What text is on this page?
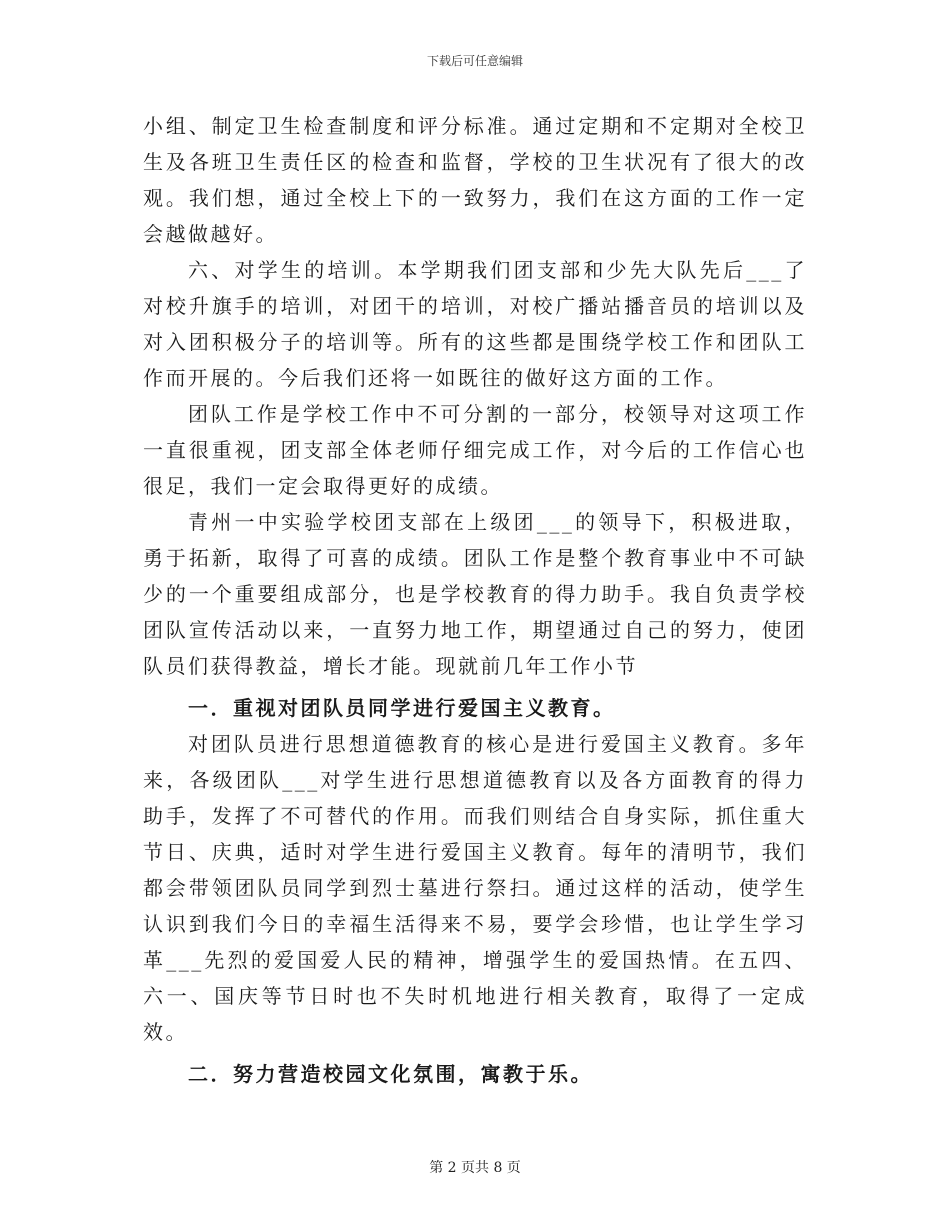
下载后可任意编辑

小组、制定卫生检查制度和评分标准。通过定期和不定期对全校卫生及各班卫生责任区的检查和监督，学校的卫生状况有了很大的改观。我们想，通过全校上下的一致努力，我们在这方面的工作一定会越做越好。

六、对学生的培训。本学期我们团支部和少先大队先后___了对校升旗手的培训，对团干的培训，对校广播站播音员的培训以及对入团积极分子的培训等。所有的这些都是围绕学校工作和团队工作而开展的。今后我们还将一如既往的做好这方面的工作。

团队工作是学校工作中不可分割的一部分，校领导对这项工作一直很重视，团支部全体老师仔细完成工作，对今后的工作信心也很足，我们一定会取得更好的成绩。

青州一中实验学校团支部在上级团___的领导下，积极进取，勇于拓新，取得了可喜的成绩。团队工作是整个教育事业中不可缺少的一个重要组成部分，也是学校教育的得力助手。我自负责学校团队宣传活动以来，一直努力地工作，期望通过自己的努力，使团队员们获得教益，增长才能。现就前几年工作小节

一．重视对团队员同学进行爱国主义教育。

对团队员进行思想道德教育的核心是进行爱国主义教育。多年来，各级团队___对学生进行思想道德教育以及各方面教育的得力助手，发挥了不可替代的作用。而我们则结合自身实际，抓住重大节日、庆典，适时对学生进行爱国主义教育。每年的清明节，我们都会带领团队员同学到烈士墓进行祭扫。通过这样的活动，使学生认识到我们今日的幸福生活得来不易，要学会珍惜，也让学生学习革___先烈的爱国爱人民的精神，增强学生的爱国热情。在五四、六一、国庆等节日时也不失时机地进行相关教育，取得了一定成效。

二．努力营造校园文化氛围，寓教于乐。

第 2 页共 8 页
